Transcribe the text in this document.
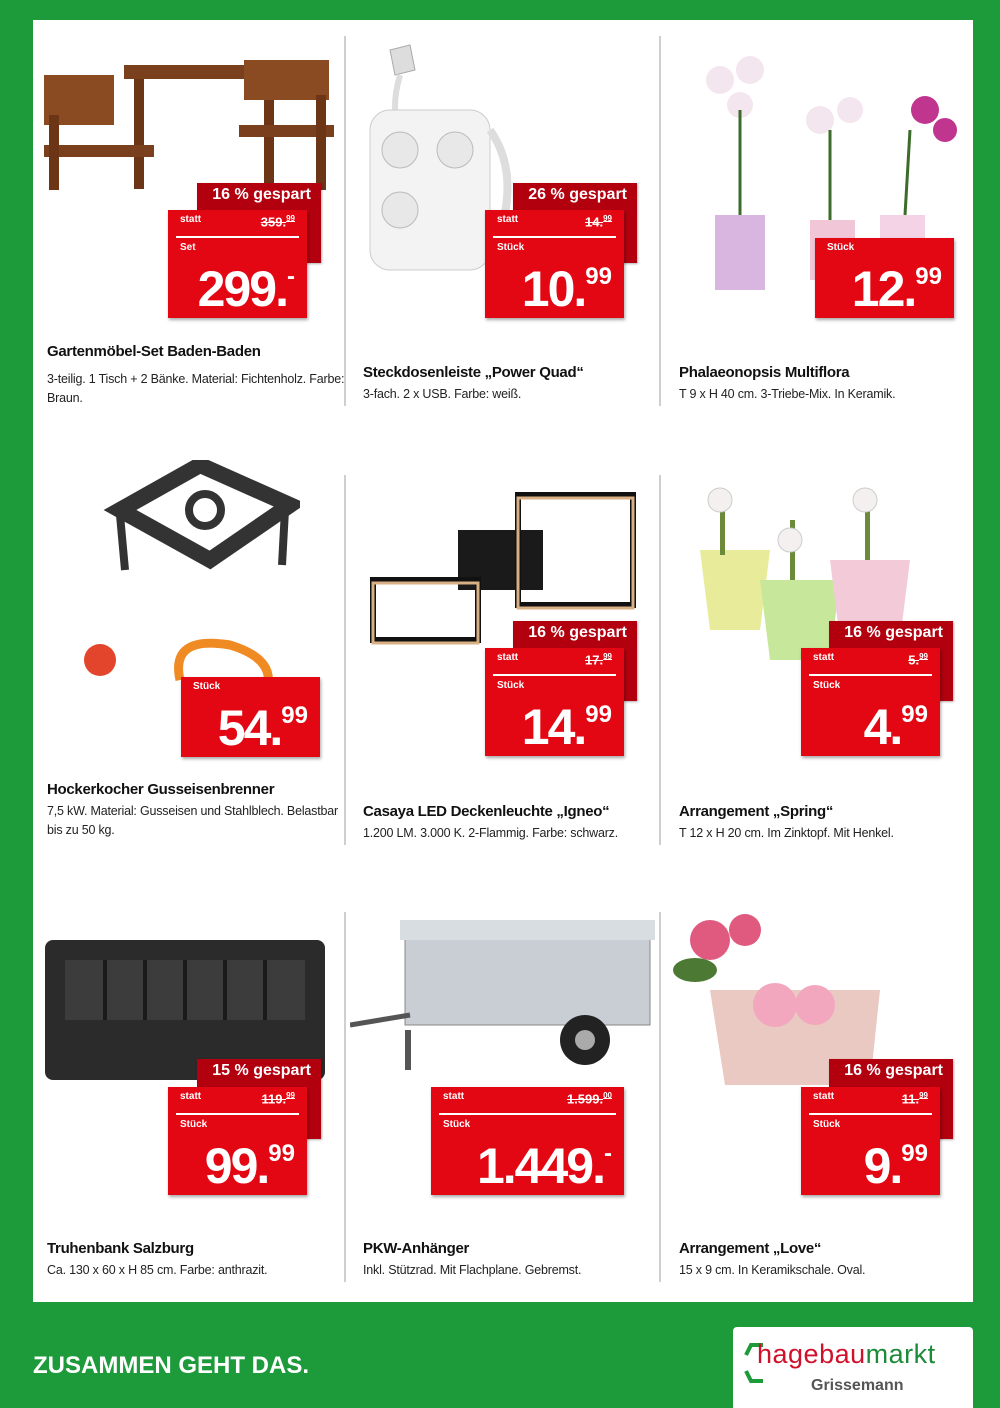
16 % gespart
statt	359.99
Set
299.-
Gartenmöbel-Set Baden-Baden
3-teilig. 1 Tisch + 2 Bänke. Material: Fichtenholz. Farbe: Braun.
26 % gespart
statt	14.99
Stück
10.99
Steckdosenleiste „Power Quad“
3-fach. 2 x USB. Farbe: weiß.
Stück
12.99
Phalaeonopsis Multiflora
T 9 x H 40 cm. 3-Triebe-Mix. In Keramik.
Stück
54.99
Hockerkocher Gusseisenbrenner
7,5 kW. Material: Gusseisen und Stahlblech. Belastbar bis zu 50 kg.
16 % gespart
statt	17.99
Stück
14.99
Casaya LED Deckenleuchte „Igneo“
1.200 LM. 3.000 K. 2-Flammig. Farbe: schwarz.
16 % gespart
statt	5.99
Stück
4.99
Arrangement „Spring“
T 12 x H 20 cm. Im Zinktopf. Mit Henkel.
15 % gespart
statt	119.99
Stück
99.99
Truhenbank Salzburg
Ca. 130 x 60 x H 85 cm. Farbe: anthrazit.
statt	1.599.00
Stück
1.449.-
PKW-Anhänger
Inkl. Stützrad. Mit Flachplane. Gebremst.
16 % gespart
statt	11.99
Stück
9.99
Arrangement „Love“
15 x 9 cm. In Keramikschale. Oval.
ZUSAMMEN GEHT DAS.	hagebaumarkt
Grissemann
